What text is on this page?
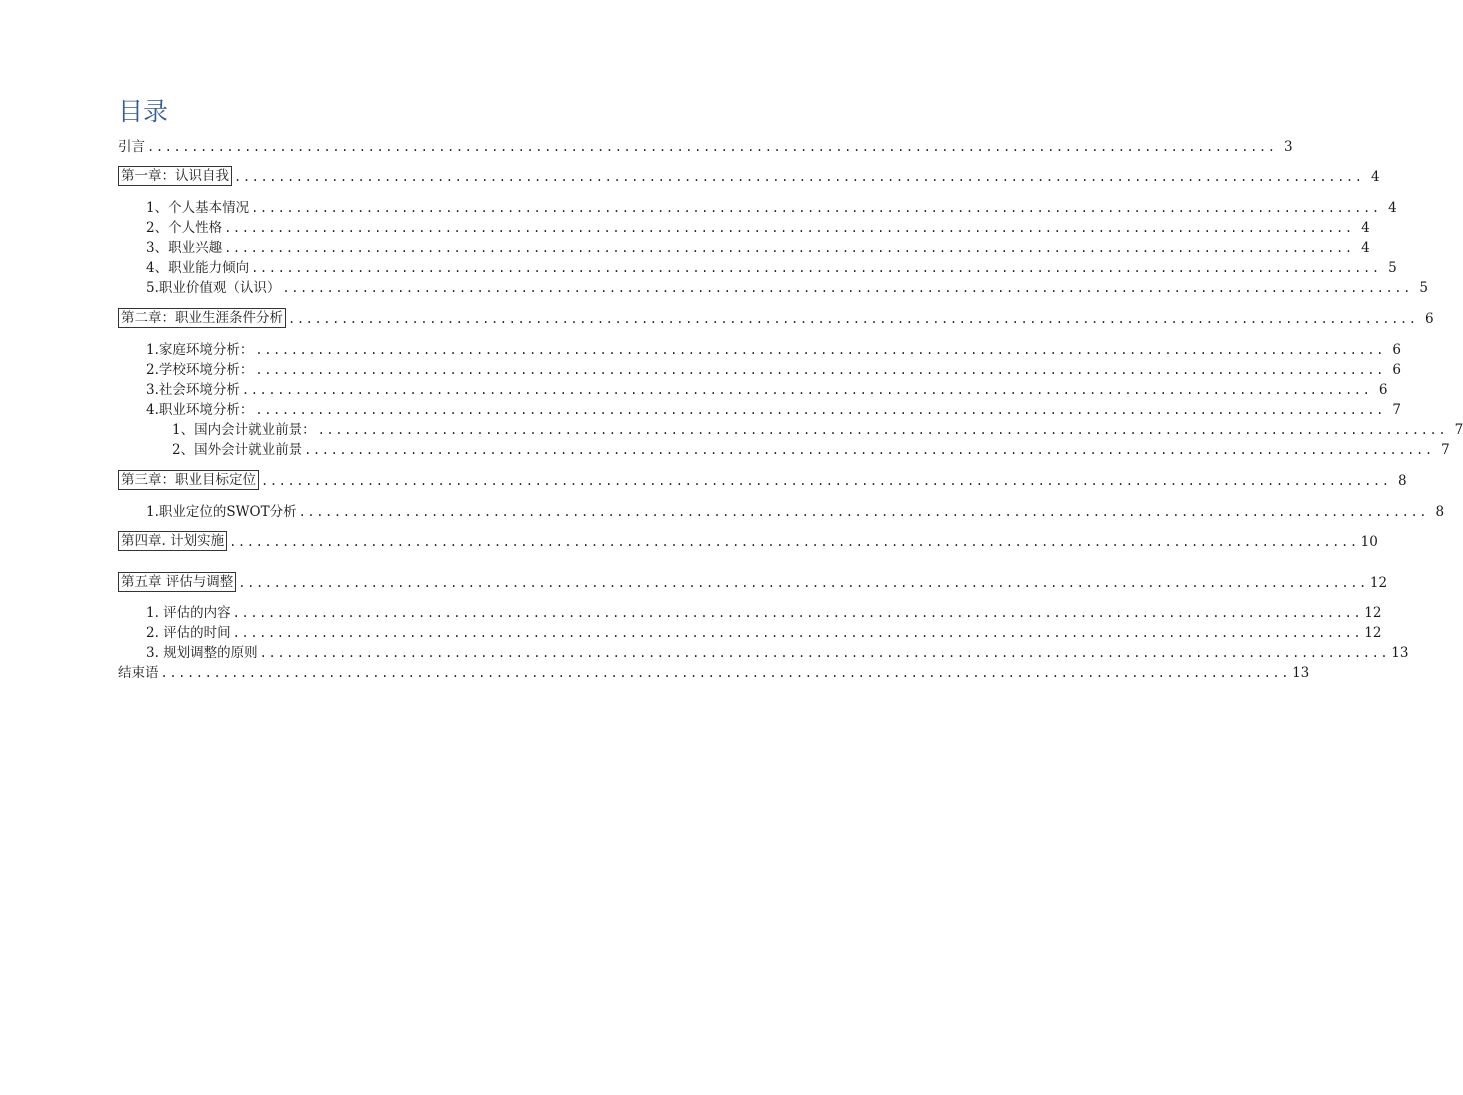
目录
引言 ................................................................................................................................ 3
第一章：认识自我 ................................................................................................................................ 4
1、个人基本情况 ................................................................................................................................ 4
2、个人性格 ................................................................................................................................ 4
3、职业兴趣 ................................................................................................................................ 4
4、职业能力倾向 ................................................................................................................................ 5
5.职业价值观（认识） ................................................................................................................................ 5
第二章：职业生涯条件分析 ................................................................................................................................ 6
1.家庭环境分析： ................................................................................................................................ 6
2.学校环境分析： ................................................................................................................................ 6
3.社会环境分析 ................................................................................................................................ 6
4.职业环境分析： ................................................................................................................................ 7
1、国内会计就业前景： ................................................................................................................................ 7
2、国外会计就业前景 ................................................................................................................................ 7
第三章：职业目标定位 ................................................................................................................................ 8
1.职业定位的SWOT分析 ................................................................................................................................ 8
第四章. 计划实施 ................................................................................................................................ 10
第五章 评估与调整 ................................................................................................................................ 12
1. 评估的内容 ................................................................................................................................ 12
2. 评估的时间 ................................................................................................................................ 12
3. 规划调整的原则 ................................................................................................................................ 13
结束语 ................................................................................................................................ 13
